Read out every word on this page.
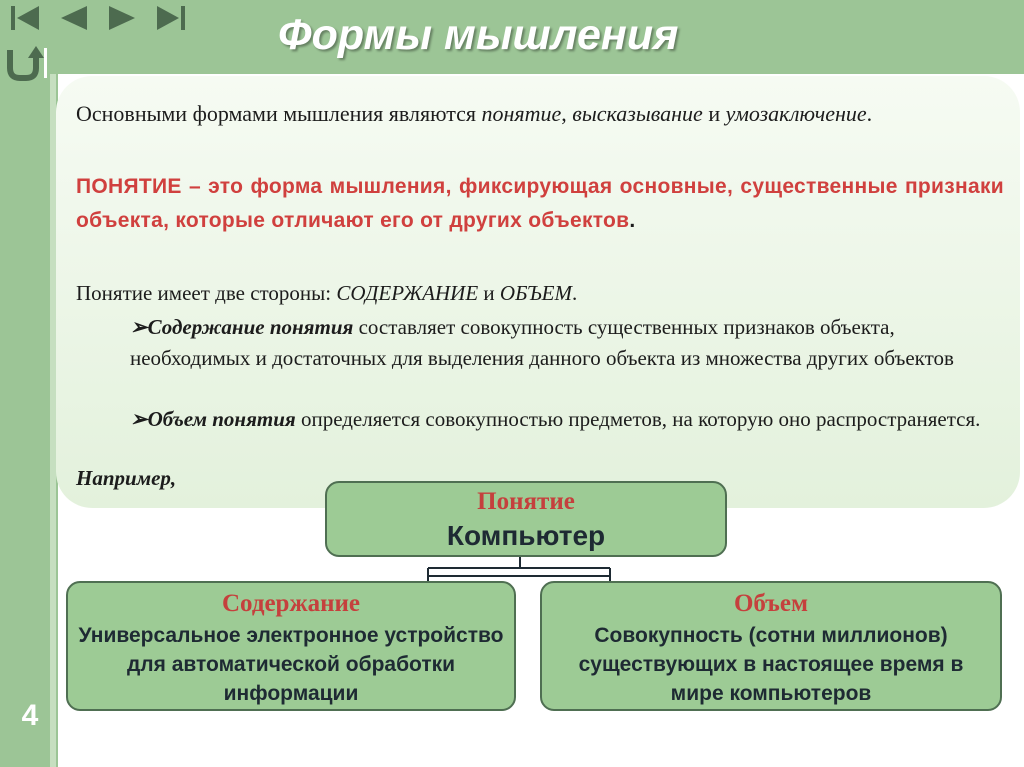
Формы мышления
4
Основными формами мышления являются понятие, высказывание и умозаключение.
ПОНЯТИЕ – это форма мышления, фиксирующая основные, существенные признаки объекта, которые отличают его от других объектов.
Понятие имеет две стороны: СОДЕРЖАНИЕ и ОБЪЕМ.
➢Содержание понятия составляет совокупность существенных признаков объекта, необходимых и достаточных для выделения данного объекта из множества других объектов
➢Объем понятия определяется совокупностью предметов, на которую оно распространяется.
Например,
Понятие
Компьютер
Содержание
Универсальное электронное устройство для автоматической обработки информации
Объем
Совокупность (сотни миллионов) существующих в настоящее время в мире компьютеров
